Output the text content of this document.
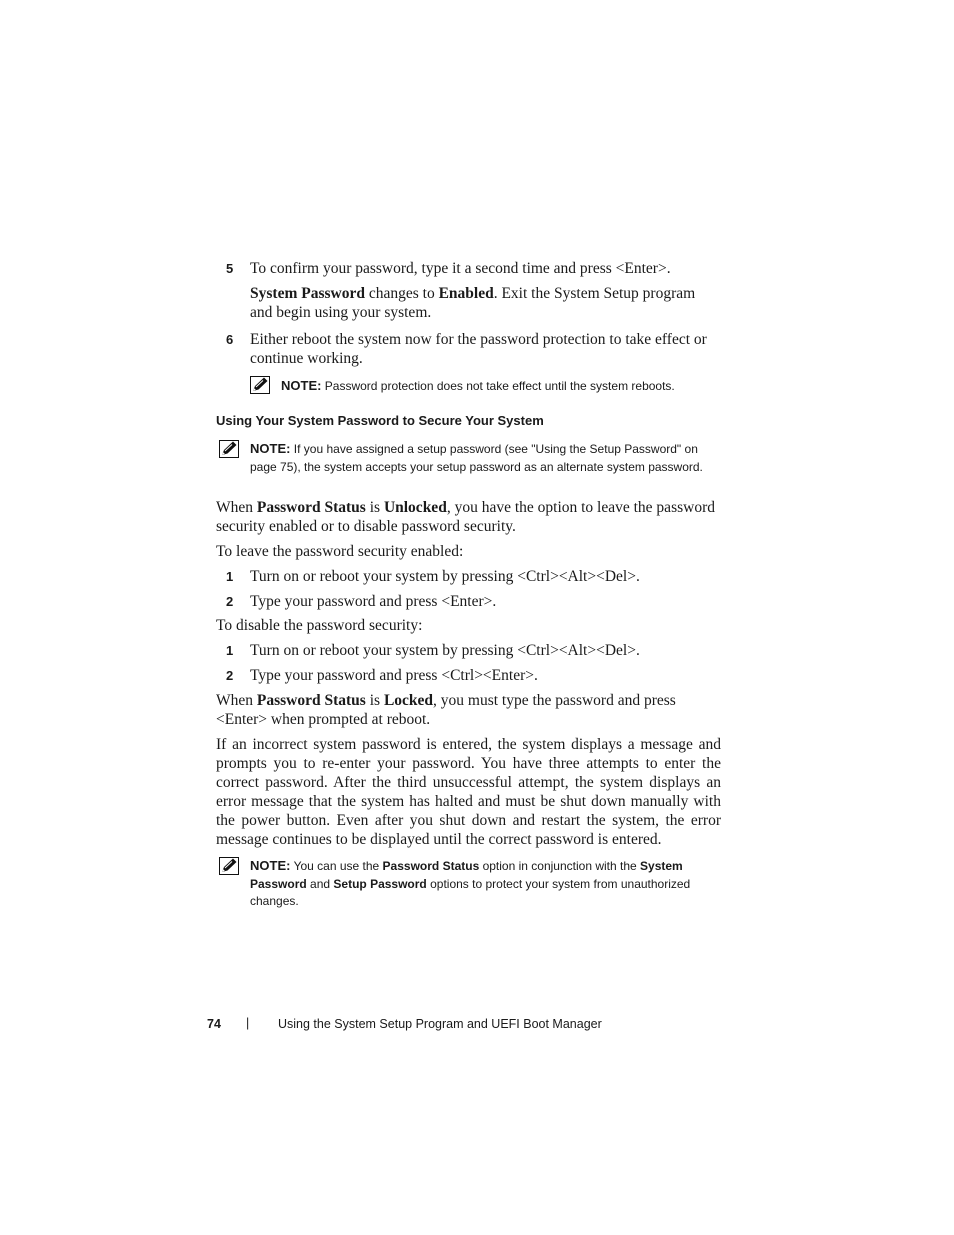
5 To confirm your password, type it a second time and press <Enter>.

System Password changes to Enabled. Exit the System Setup program and begin using your system.

6 Either reboot the system now for the password protection to take effect or continue working.

NOTE: Password protection does not take effect until the system reboots.

Using Your System Password to Secure Your System

NOTE: If you have assigned a setup password (see "Using the Setup Password" on page 75), the system accepts your setup password as an alternate system password.

When Password Status is Unlocked, you have the option to leave the password security enabled or to disable password security.

To leave the password security enabled:

1 Turn on or reboot your system by pressing <Ctrl><Alt><Del>.

2 Type your password and press <Enter>.

To disable the password security:

1 Turn on or reboot your system by pressing <Ctrl><Alt><Del>.

2 Type your password and press <Ctrl><Enter>.

When Password Status is Locked, you must type the password and press <Enter> when prompted at reboot.

If an incorrect system password is entered, the system displays a message and prompts you to re-enter your password. You have three attempts to enter the correct password. After the third unsuccessful attempt, the system displays an error message that the system has halted and must be shut down manually with the power button. Even after you shut down and restart the system, the error message continues to be displayed until the correct password is entered.

NOTE: You can use the Password Status option in conjunction with the System Password and Setup Password options to protect your system from unauthorized changes.

74 | Using the System Setup Program and UEFI Boot Manager
